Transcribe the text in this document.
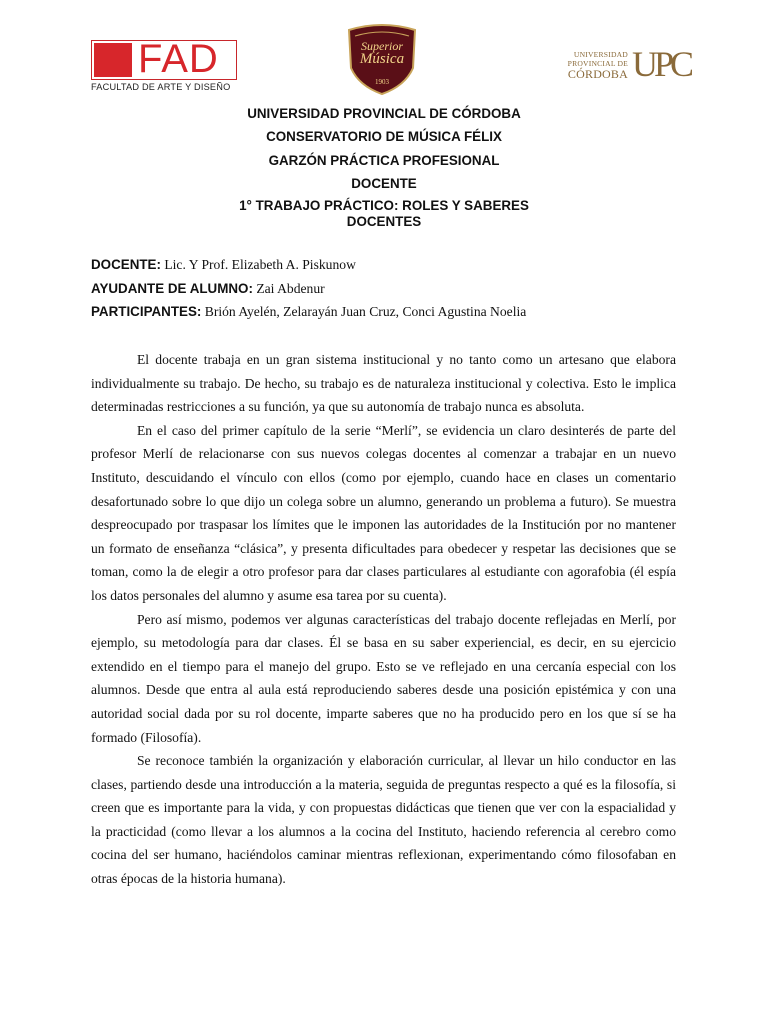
FAD
FACULTAD DE ARTE Y DISEÑO	1903
Superior
Música	UNIVERSIDAD
PROVINCIAL DE
CÓRDOBA UPC
UNIVERSIDAD PROVINCIAL DE CÓRDOBA
CONSERVATORIO DE MÚSICA FÉLIX
GARZÓN PRÁCTICA PROFESIONAL
DOCENTE
1° TRABAJO PRÁCTICO: ROLES Y SABERES
DOCENTES

DOCENTE: Lic. Y Prof. Elizabeth A. Piskunow

AYUDANTE DE ALUMNO: Zai Abdenur

PARTICIPANTES: Brión Ayelén, Zelarayán Juan Cruz, Conci Agustina Noelia

El docente trabaja en un gran sistema institucional y no tanto como un artesano que elabora individualmente su trabajo. De hecho, su trabajo es de naturaleza institucional y colectiva. Esto le implica determinadas restricciones a su función, ya que su autonomía de trabajo nunca es absoluta.

En el caso del primer capítulo de la serie “Merlí”, se evidencia un claro desinterés de parte del profesor Merlí de relacionarse con sus nuevos colegas docentes al comenzar a trabajar en un nuevo Instituto, descuidando el vínculo con ellos (como por ejemplo, cuando hace en clases un comentario desafortunado sobre lo que dijo un colega sobre un alumno, generando un problema a futuro). Se muestra despreocupado por traspasar los límites que le imponen las autoridades de la Institución por no mantener un formato de enseñanza “clásica”, y presenta dificultades para obedecer y respetar las decisiones que se toman, como la de elegir a otro profesor para dar clases particulares al estudiante con agorafobia (él espía los datos personales del alumno y asume esa tarea por su cuenta).

Pero así mismo, podemos ver algunas características del trabajo docente reflejadas en Merlí, por ejemplo, su metodología para dar clases. Él se basa en su saber experiencial, es decir, en su ejercicio extendido en el tiempo para el manejo del grupo. Esto se ve reflejado en una cercanía especial con los alumnos. Desde que entra al aula está reproduciendo saberes desde una posición epistémica y con una autoridad social dada por su rol docente, imparte saberes que no ha producido pero en los que sí se ha formado (Filosofía).

Se reconoce también la organización y elaboración curricular, al llevar un hilo conductor en las clases, partiendo desde una introducción a la materia, seguida de preguntas respecto a qué es la filosofía, si creen que es importante para la vida, y con propuestas didácticas que tienen que ver con la espacialidad y la practicidad (como llevar a los alumnos a la cocina del Instituto, haciendo referencia al cerebro como cocina del ser humano, haciéndolos caminar mientras reflexionan, experimentando cómo filosofaban en otras épocas de la historia humana).
